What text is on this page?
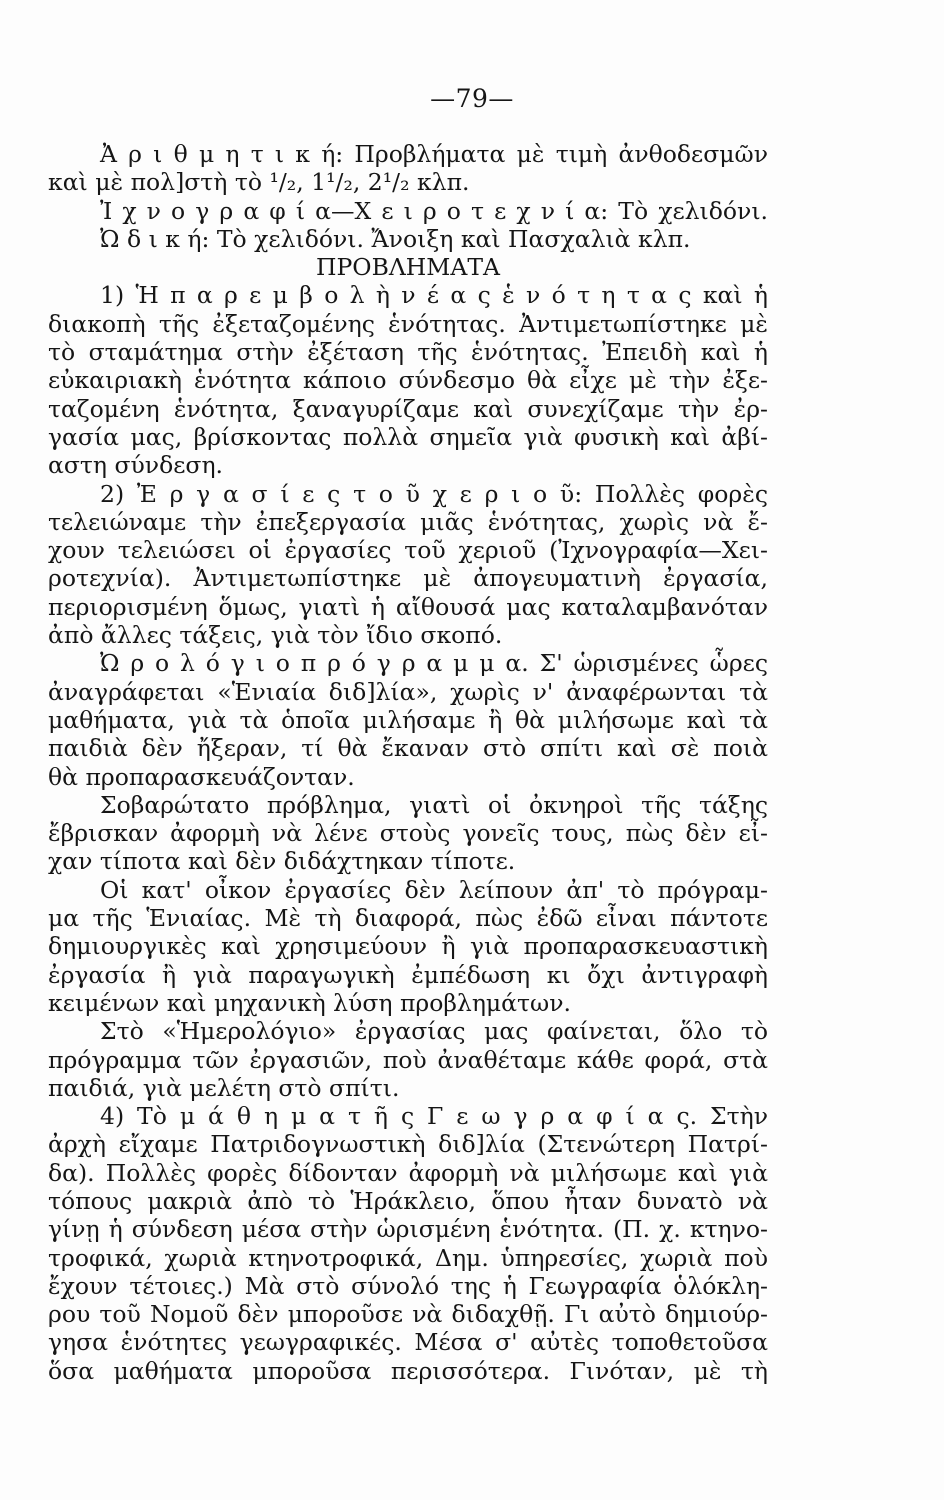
—79—
Ἀ ρ ι θ μ η τ ι κ ή: Προβλήματα μὲ τιμὴ ἀνθοδεσμῶν
καὶ μὲ πολ]στὴ τὸ ¹/₂, 1¹/₂, 2¹/₂ κλπ.
Ἰ χ ν ο γ ρ α φ ί α—Χ ε ι ρ ο τ ε χ ν ί α: Τὸ χελιδόνι.
Ὠ δ ι κ ή: Τὸ χελιδόνι. Ἄνοιξη καὶ Πασχαλιὰ κλπ.
ΠΡΟΒΛΗΜΑΤΑ
1) Ἡ π α ρ ε μ β ο λ ὴ ν έ α ς ἑ ν ό τ η τ α ς καὶ ἡ
διακοπὴ τῆς ἐξεταζομένης ἑνότητας. Ἀντιμετωπίστηκε μὲ
τὸ σταμάτημα στὴν ἐξέταση τῆς ἑνότητας. Ἐπειδὴ καὶ ἡ
εὐκαιριακὴ ἑνότητα κάποιο σύνδεσμο θὰ εἶχε μὲ τὴν ἐξε-
ταζομένη ἑνότητα, ξαναγυρίζαμε καὶ συνεχίζαμε τὴν ἐρ-
γασία μας, βρίσκοντας πολλὰ σημεῖα γιὰ φυσικὴ καὶ ἀβί-
αστη σύνδεση.
2) Ἐ ρ γ α σ ί ε ς τ ο ῦ χ ε ρ ι ο ῦ: Πολλὲς φορὲς
τελειώναμε τὴν ἐπεξεργασία μιᾶς ἑνότητας, χωρὶς νὰ ἔ-
χουν τελειώσει οἱ ἐργασίες τοῦ χεριοῦ (Ἰχνογραφία—Χει-
ροτεχνία). Ἀντιμετωπίστηκε μὲ ἀπογευματινὴ ἐργασία,
περιορισμένη ὅμως, γιατὶ ἡ αἴθουσά μας καταλαμβανόταν
ἀπὸ ἄλλες τάξεις, γιὰ τὸν ἴδιο σκοπό.
Ὠ ρ ο λ ό γ ι ο π ρ ό γ ρ α μ μ α. Σ' ὡρισμένες ὧρες
ἀναγράφεται «Ἑνιαία διδ]λία», χωρὶς ν' ἀναφέρωνται τὰ
μαθήματα, γιὰ τὰ ὁποῖα μιλήσαμε ἢ θὰ μιλήσωμε καὶ τὰ
παιδιὰ δὲν ἤξεραν, τί θὰ ἔκαναν στὸ σπίτι καὶ σὲ ποιὰ
θὰ προπαρασκευάζονταν.
Σοβαρώτατο πρόβλημα, γιατὶ οἱ ὀκνηροὶ τῆς τάξης
ἔβρισκαν ἀφορμὴ νὰ λένε στοὺς γονεῖς τους, πὼς δὲν εἶ-
χαν τίποτα καὶ δὲν διδάχτηκαν τίποτε.
Οἱ κατ' οἶκον ἐργασίες δὲν λείπουν ἀπ' τὸ πρόγραμ-
μα τῆς Ἑνιαίας. Μὲ τὴ διαφορά, πὼς ἐδῶ εἶναι πάντοτε
δημιουργικὲς καὶ χρησιμεύουν ἢ γιὰ προπαρασκευαστικὴ
ἐργασία ἢ γιὰ παραγωγικὴ ἐμπέδωση κι ὄχι ἀντιγραφὴ
κειμένων καὶ μηχανικὴ λύση προβλημάτων.
Στὸ «Ἡμερολόγιο» ἐργασίας μας φαίνεται, ὅλο τὸ
πρόγραμμα τῶν ἐργασιῶν, ποὺ ἀναθέταμε κάθε φορά, στὰ
παιδιά, γιὰ μελέτη στὸ σπίτι.
4) Τὸ μ ά θ η μ α τ ῆ ς Γ ε ω γ ρ α φ ί α ς. Στὴν
ἀρχὴ εἴχαμε Πατριδογνωστικὴ διδ]λία (Στενώτερη Πατρί-
δα). Πολλὲς φορὲς δίδονταν ἀφορμὴ νὰ μιλήσωμε καὶ γιὰ
τόπους μακριὰ ἀπὸ τὸ Ἡράκλειο, ὅπου ἦταν δυνατὸ νὰ
γίνῃ ἡ σύνδεση μέσα στὴν ὡρισμένη ἑνότητα. (Π. χ. κτηνο-
τροφικά, χωριὰ κτηνοτροφικά, Δημ. ὑπηρεσίες, χωριὰ ποὺ
ἔχουν τέτοιες.) Μὰ στὸ σύνολό της ἡ Γεωγραφία ὁλόκλη-
ρου τοῦ Νομοῦ δὲν μποροῦσε νὰ διδαχθῇ. Γι αὐτὸ δημιούρ-
γησα ἑνότητες γεωγραφικές. Μέσα σ' αὐτὲς τοποθετοῦσα
ὅσα μαθήματα μποροῦσα περισσότερα. Γινόταν, μὲ τὴ
